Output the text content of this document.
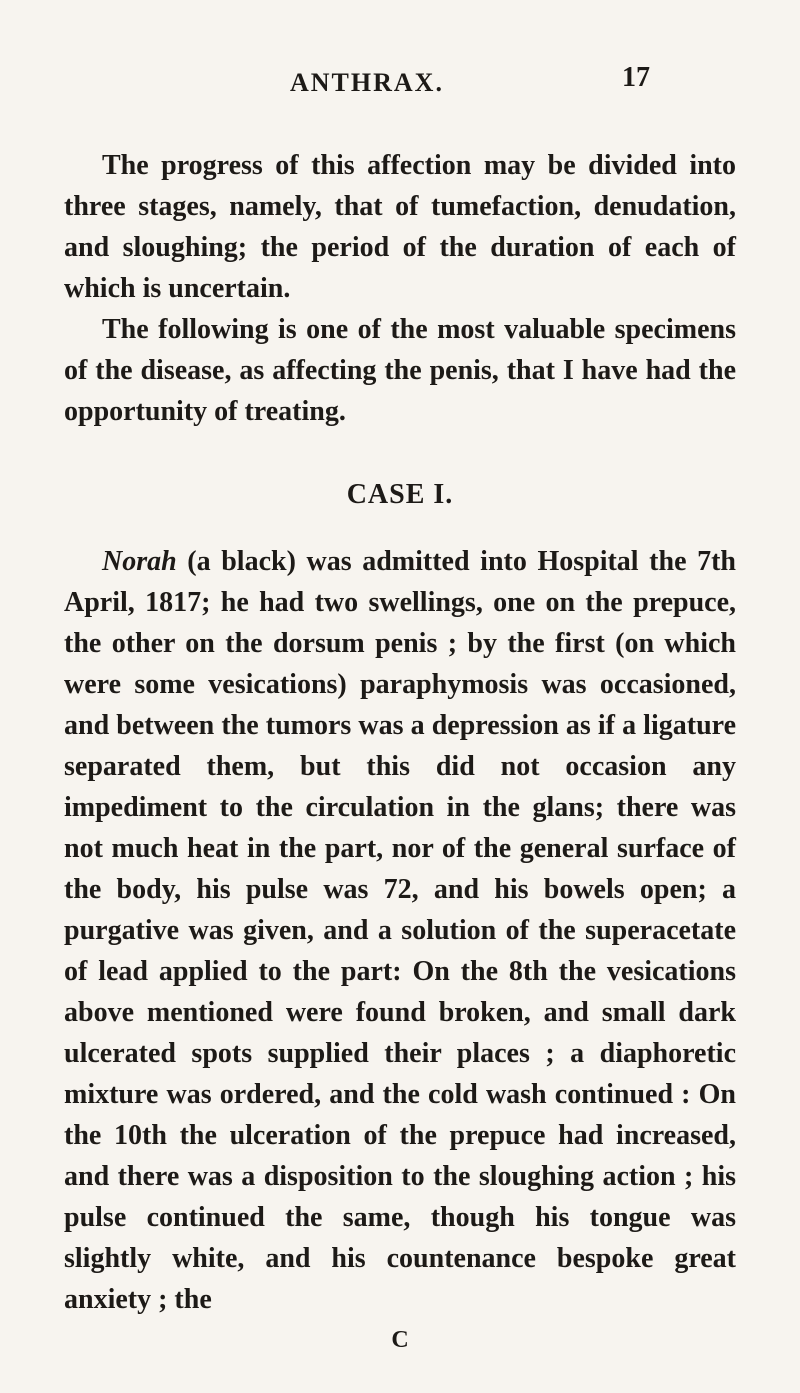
ANTHRAX.	17

The progress of this affection may be divided into three stages, namely, that of tumefaction, denudation, and sloughing; the period of the duration of each of which is uncertain.

The following is one of the most valuable specimens of the disease, as affecting the penis, that I have had the opportunity of treating.

CASE I.

Norah (a black) was admitted into Hospital the 7th April, 1817; he had two swellings, one on the prepuce, the other on the dorsum penis ; by the first (on which were some vesications) paraphymosis was occasioned, and between the tumors was a depression as if a ligature separated them, but this did not occasion any impediment to the circulation in the glans; there was not much heat in the part, nor of the general surface of the body, his pulse was 72, and his bowels open; a purgative was given, and a solution of the superacetate of lead applied to the part: On the 8th the vesications above mentioned were found broken, and small dark ulcerated spots supplied their places ; a diaphoretic mixture was ordered, and the cold wash continued : On the 10th the ulceration of the prepuce had increased, and there was a disposition to the sloughing action ; his pulse continued the same, though his tongue was slightly white, and his countenance bespoke great anxiety ; the

C
